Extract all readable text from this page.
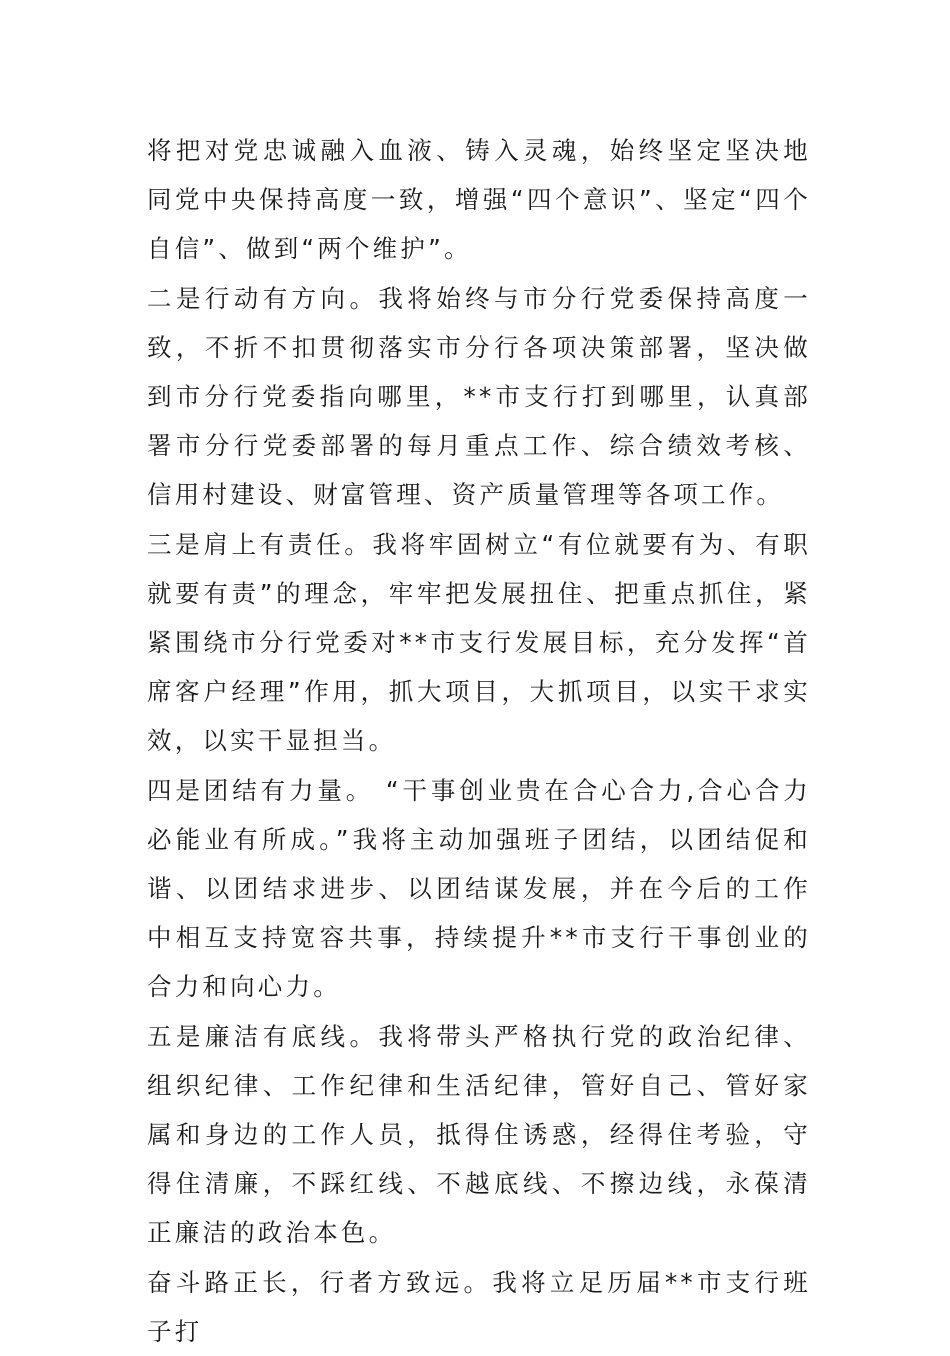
将把对党忠诚融入血液、铸入灵魂，始终坚定坚决地同党中央保持高度一致，增强“四个意识”、坚定“四个自信”、做到“两个维护”。

二是行动有方向。我将始终与市分行党委保持高度一致，不折不扣贯彻落实市分行各项决策部署，坚决做到市分行党委指向哪里，**市支行打到哪里，认真部署市分行党委部署的每月重点工作、综合绩效考核、信用村建设、财富管理、资产质量管理等各项工作。

三是肩上有责任。我将牢固树立“有位就要有为、有职就要有责”的理念，牢牢把发展扭住、把重点抓住，紧紧围绕市分行党委对**市支行发展目标，充分发挥“首席客户经理”作用，抓大项目，大抓项目，以实干求实效，以实干显担当。

四是团结有力量。 “干事创业贵在合心合力,合心合力必能业有所成。”我将主动加强班子团结，以团结促和谐、以团结求进步、以团结谋发展，并在今后的工作中相互支持宽容共事，持续提升**市支行干事创业的合力和向心力。

五是廉洁有底线。我将带头严格执行党的政治纪律、组织纪律、工作纪律和生活纪律，管好自己、管好家属和身边的工作人员，抵得住诱惑，经得住考验，守得住清廉，不踩红线、不越底线、不擦边线，永葆清正廉洁的政治本色。

奋斗路正长，行者方致远。我将立足历届**市支行班子打
